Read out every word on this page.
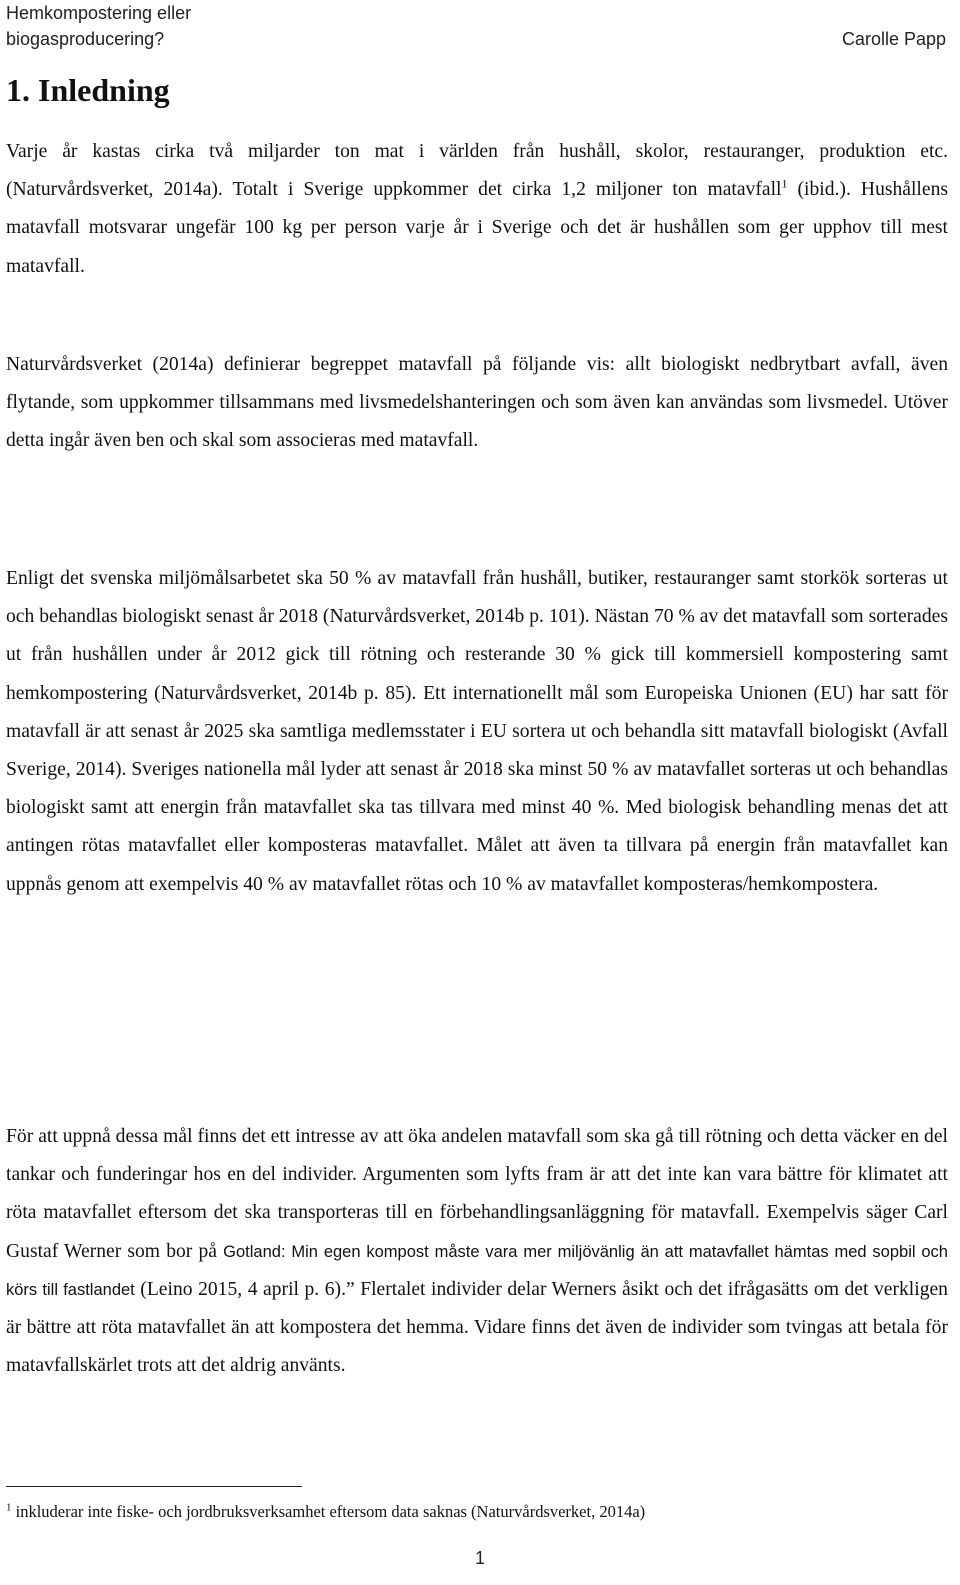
Hemkompostering eller biogasproducering?	Carolle Papp
1. Inledning

Varje år kastas cirka två miljarder ton mat i världen från hushåll, skolor, restauranger, produktion etc. (Naturvårdsverket, 2014a). Totalt i Sverige uppkommer det cirka 1,2 miljoner ton matavfall$^1$ (ibid.). Hushållens matavfall motsvarar ungefär 100 kg per person varje år i Sverige och det är hushållen som ger upphov till mest matavfall.

Naturvårdsverket (2014a) definierar begreppet matavfall på följande vis: allt biologiskt nedbrytbart avfall, även flytande, som uppkommer tillsammans med livsmedelshanteringen och som även kan användas som livsmedel. Utöver detta ingår även ben och skal som associeras med matavfall.

Enligt det svenska miljömålsarbetet ska 50 % av matavfall från hushåll, butiker, restauranger samt storkök sorteras ut och behandlas biologiskt senast år 2018 (Naturvårdsverket, 2014b p. 101). Nästan 70 % av det matavfall som sorterades ut från hushållen under år 2012 gick till rötning och resterande 30 % gick till kommersiell kompostering samt hemkompostering (Naturvårdsverket, 2014b p. 85). Ett internationellt mål som Europeiska Unionen (EU) har satt för matavfall är att senast år 2025 ska samtliga medlemsstater i EU sortera ut och behandla sitt matavfall biologiskt (Avfall Sverige, 2014). Sveriges nationella mål lyder att senast år 2018 ska minst 50 % av matavfallet sorteras ut och behandlas biologiskt samt att energin från matavfallet ska tas tillvara med minst 40 %. Med biologisk behandling menas det att antingen rötas matavfallet eller komposteras matavfallet. Målet att även ta tillvara på energin från matavfallet kan uppnås genom att exempelvis 40 % av matavfallet rötas och 10 % av matavfallet komposteras/hemkompostera.

För att uppnå dessa mål finns det ett intresse av att öka andelen matavfall som ska gå till rötning och detta väcker en del tankar och funderingar hos en del individer. Argumenten som lyfts fram är att det inte kan vara bättre för klimatet att röta matavfallet eftersom det ska transporteras till en förbehandlingsanläggning för matavfall. Exempelvis säger Carl Gustaf Werner som bor på Gotland: Min egen kompost måste vara mer miljövänlig än att matavfallet hämtas med sopbil och körs till fastlandet (Leino 2015, 4 april p. 6).” Flertalet individer delar Werners åsikt och det ifrågasätts om det verkligen är bättre att röta matavfallet än att kompostera det hemma. Vidare finns det även de individer som tvingas att betala för matavfallskärlet trots att det aldrig använts.

$^1$ inkluderar inte fiske- och jordbruksverksamhet eftersom data saknas (Naturvårdsverket, 2014a)
1
